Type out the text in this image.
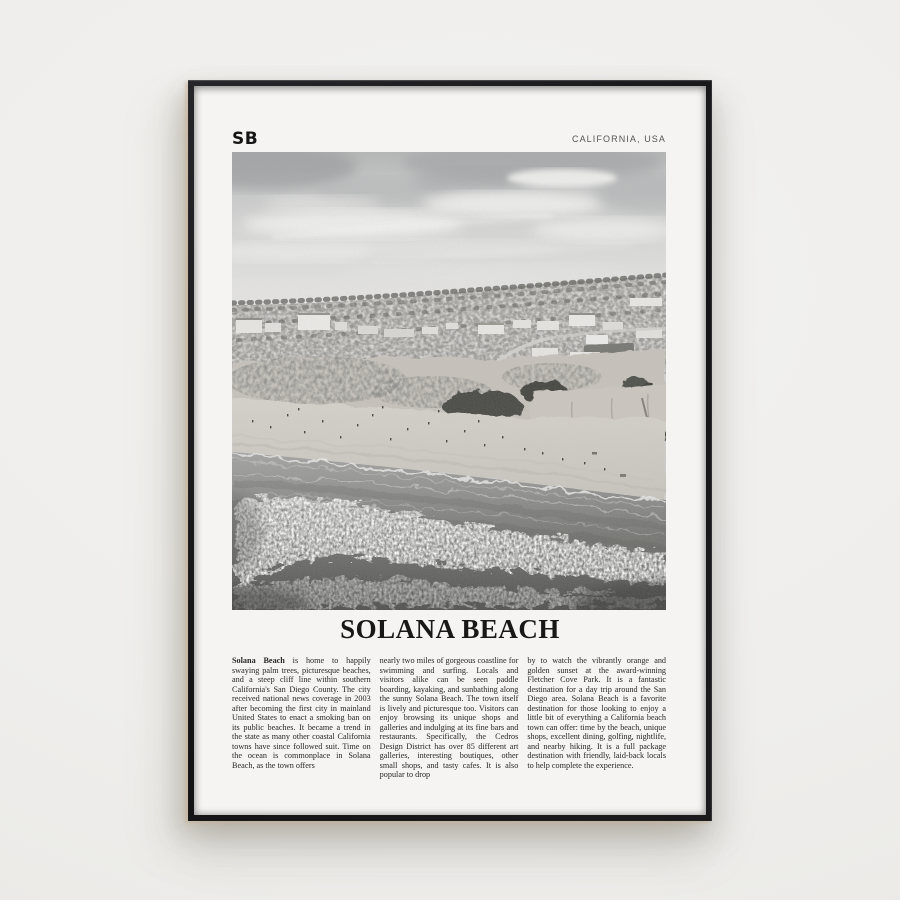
SB	CALIFORNIA, USA
SOLANA BEACH
Solana Beach is home to happily swaying palm trees, picturesque beaches, and a steep cliff line within southern California's San Diego County. The city received national news coverage in 2003 after becoming the first city in mainland United States to enact a smoking ban on its public beaches. It became a trend in the state as many other coastal California towns have since followed suit. Time on the ocean is commonplace in Solana Beach, as the town offers
nearly two miles of gorgeous coastline for swimming and surfing. Locals and visitors alike can be seen paddle boarding, kayaking, and sunbathing along the sunny Solana Beach. The town itself is lively and picturesque too. Visitors can enjoy browsing its unique shops and galleries and indulging at its fine bars and restaurants. Specifically, the Cedros Design District has over 85 different art galleries, interesting boutiques, other small shops, and tasty cafes. It is also popular to drop
by to watch the vibrantly orange and golden sunset at the award-winning Fletcher Cove Park. It is a fantastic destination for a day trip around the San Diego area. Solana Beach is a favorite destination for those looking to enjoy a little bit of everything a California beach town can offer: time by the beach, unique shops, excellent dining, golfing, nightlife, and nearby hiking. It is a full package destination with friendly, laid-back locals to help complete the experience.
